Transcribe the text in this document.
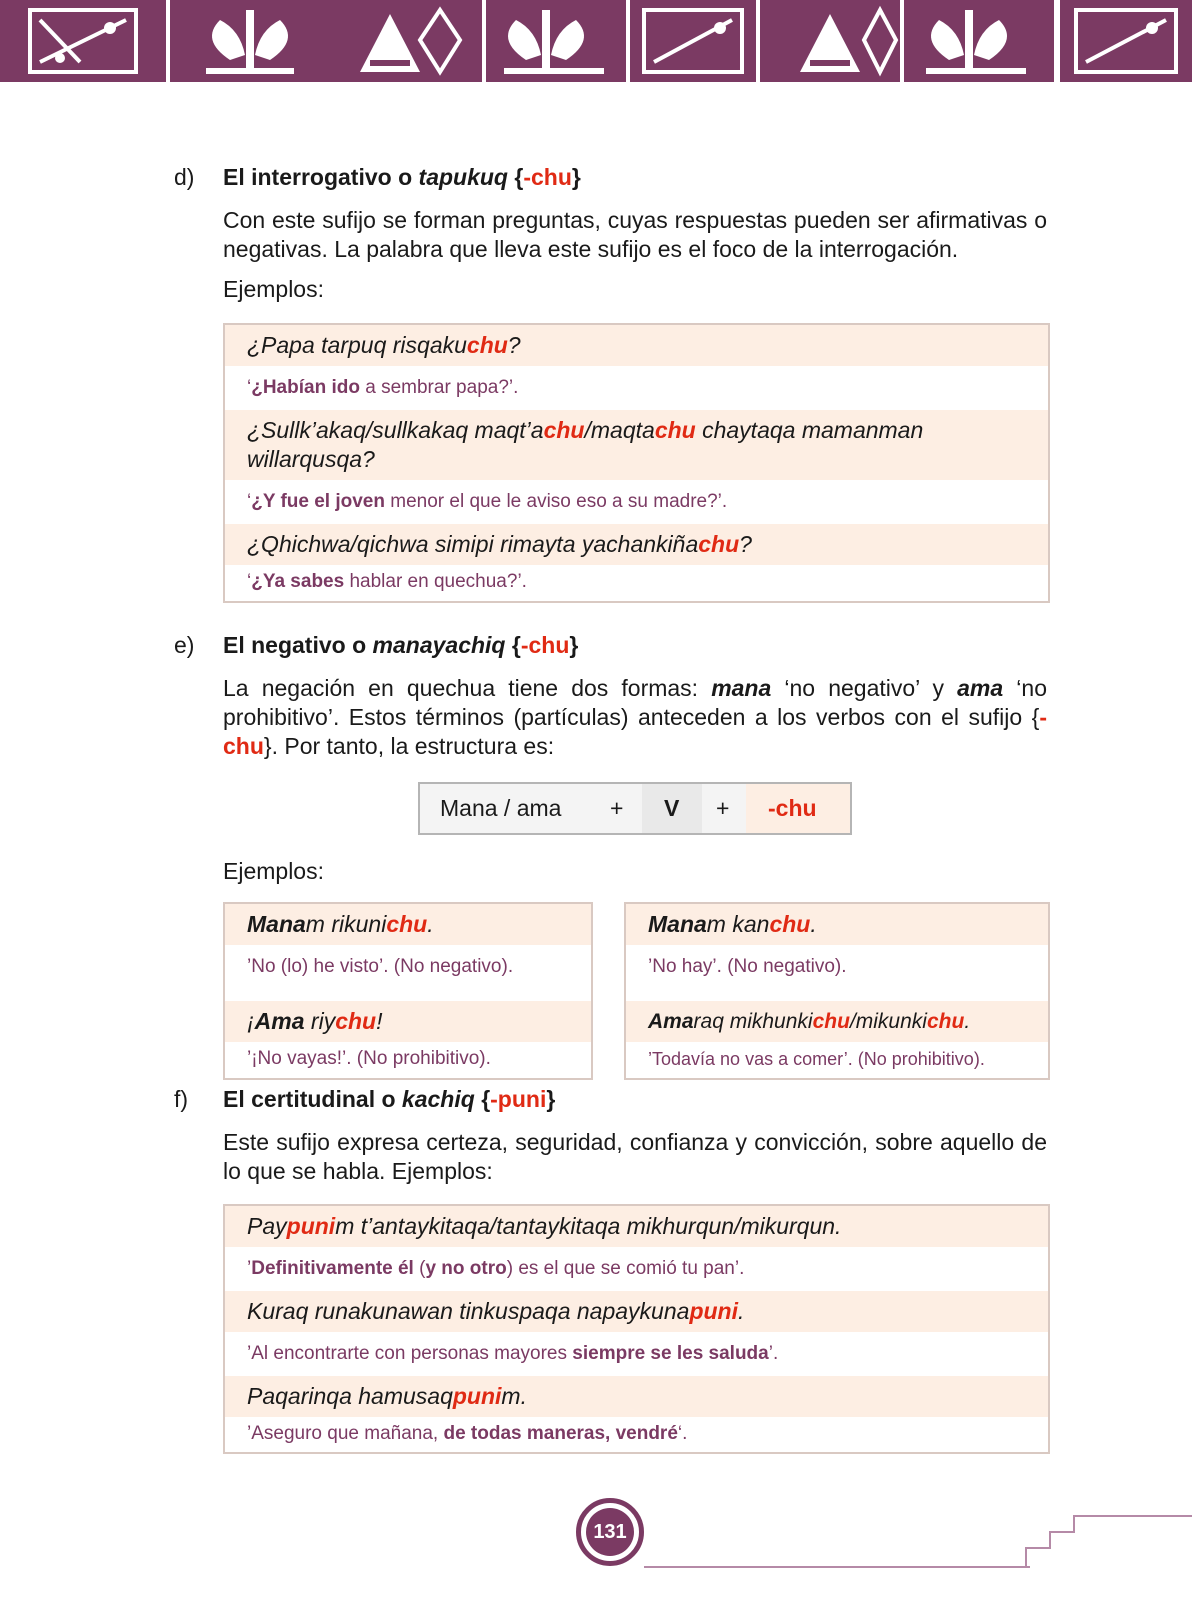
d) El interrogativo o tapukuq {-chu}
Con este sufijo se forman preguntas, cuyas respuestas pueden ser afirmativas o negativas. La palabra que lleva este sufijo es el foco de la interrogación.
Ejemplos:
¿Papa tarpuq risqakuchu?
‘¿Habían ido a sembrar papa?’.
¿Sullk’akaq/sullkakaq maqt’achu/maqtachu chaytaqa mamanman willarqusqa?
‘¿Y fue el joven menor el que le aviso eso a su madre?’.
¿Qhichwa/qichwa simipi rimayta yachankiñachu?
‘¿Ya sabes hablar en quechua?’.
e) El negativo o manayachiq {-chu}
La negación en quechua tiene dos formas: mana ‘no negativo’ y ama ‘no prohibitivo’. Estos términos (partículas) anteceden a los verbos con el sufijo {-chu}. Por tanto, la estructura es:
Mana / ama + V + -chu
Ejemplos:
Manam rikunichu.
’No (lo) he visto’. (No negativo).
¡Ama riychu!
’¡No vayas!’. (No prohibitivo).
Manam kanchu.
’No hay’. (No negativo).
Amaraq mikhunkichu/mikunkichu.
’Todavía no vas a comer’. (No prohibitivo).
f) El certitudinal o kachiq {-puni}
Este sufijo expresa certeza, seguridad, confianza y convicción, sobre aquello de lo que se habla. Ejemplos:
Paypunim t’antaykitaqa/tantaykitaqa mikhurqun/mikurqun.
’Definitivamente él (y no otro) es el que se comió tu pan’.
Kuraq runakunawan tinkuspaqa napaykunapuni.
’Al encontrarte con personas mayores siempre se les saluda’.
Paqarinqa hamusaqpunim.
’Aseguro que mañana, de todas maneras, vendré‘.
131
